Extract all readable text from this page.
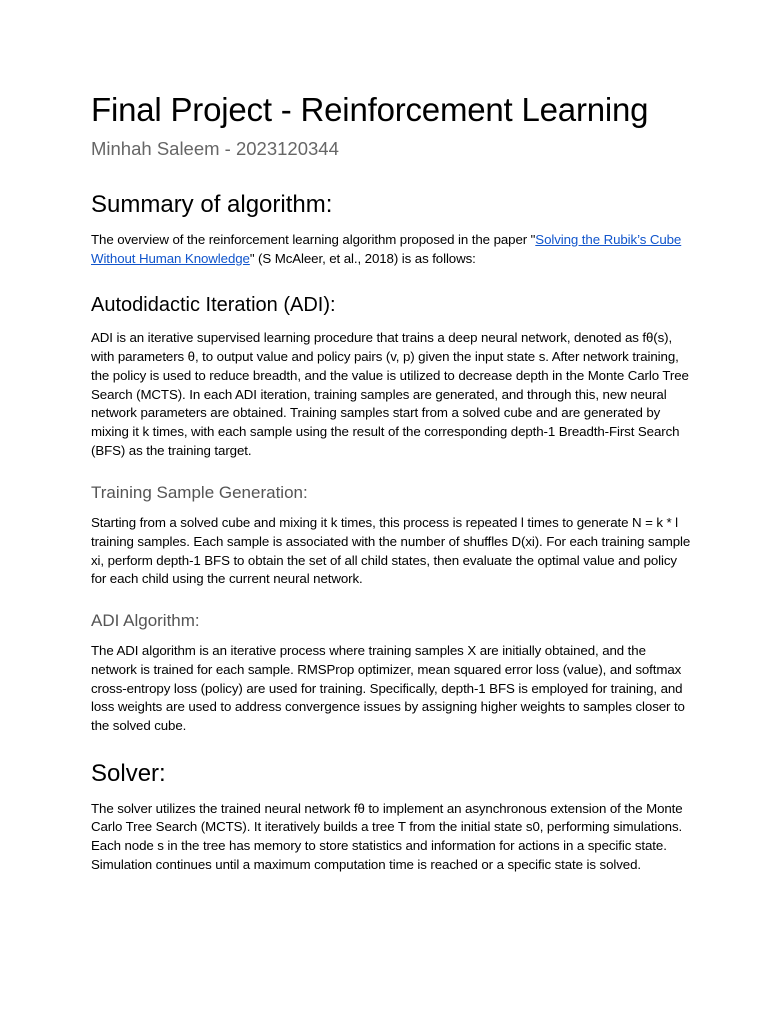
Final Project - Reinforcement Learning
Minhah Saleem - 2023120344
Summary of algorithm:

The overview of the reinforcement learning algorithm proposed in the paper "Solving the Rubik’s Cube Without Human Knowledge" (S McAleer, et al., 2018) is as follows:

Autodidactic Iteration (ADI):

ADI is an iterative supervised learning procedure that trains a deep neural network, denoted as fθ(s), with parameters θ, to output value and policy pairs (v, p) given the input state s. After network training, the policy is used to reduce breadth, and the value is utilized to decrease depth in the Monte Carlo Tree Search (MCTS). In each ADI iteration, training samples are generated, and through this, new neural network parameters are obtained. Training samples start from a solved cube and are generated by mixing it k times, with each sample using the result of the corresponding depth-1 Breadth-First Search (BFS) as the training target.

Training Sample Generation:

Starting from a solved cube and mixing it k times, this process is repeated l times to generate N = k * l training samples. Each sample is associated with the number of shuffles D(xi). For each training sample xi, perform depth-1 BFS to obtain the set of all child states, then evaluate the optimal value and policy for each child using the current neural network.

ADI Algorithm:

The ADI algorithm is an iterative process where training samples X are initially obtained, and the network is trained for each sample. RMSProp optimizer, mean squared error loss (value), and softmax cross-entropy loss (policy) are used for training. Specifically, depth-1 BFS is employed for training, and loss weights are used to address convergence issues by assigning higher weights to samples closer to the solved cube.

Solver:

The solver utilizes the trained neural network fθ to implement an asynchronous extension of the Monte Carlo Tree Search (MCTS). It iteratively builds a tree T from the initial state s0, performing simulations. Each node s in the tree has memory to store statistics and information for actions in a specific state. Simulation continues until a maximum computation time is reached or a specific state is solved.
